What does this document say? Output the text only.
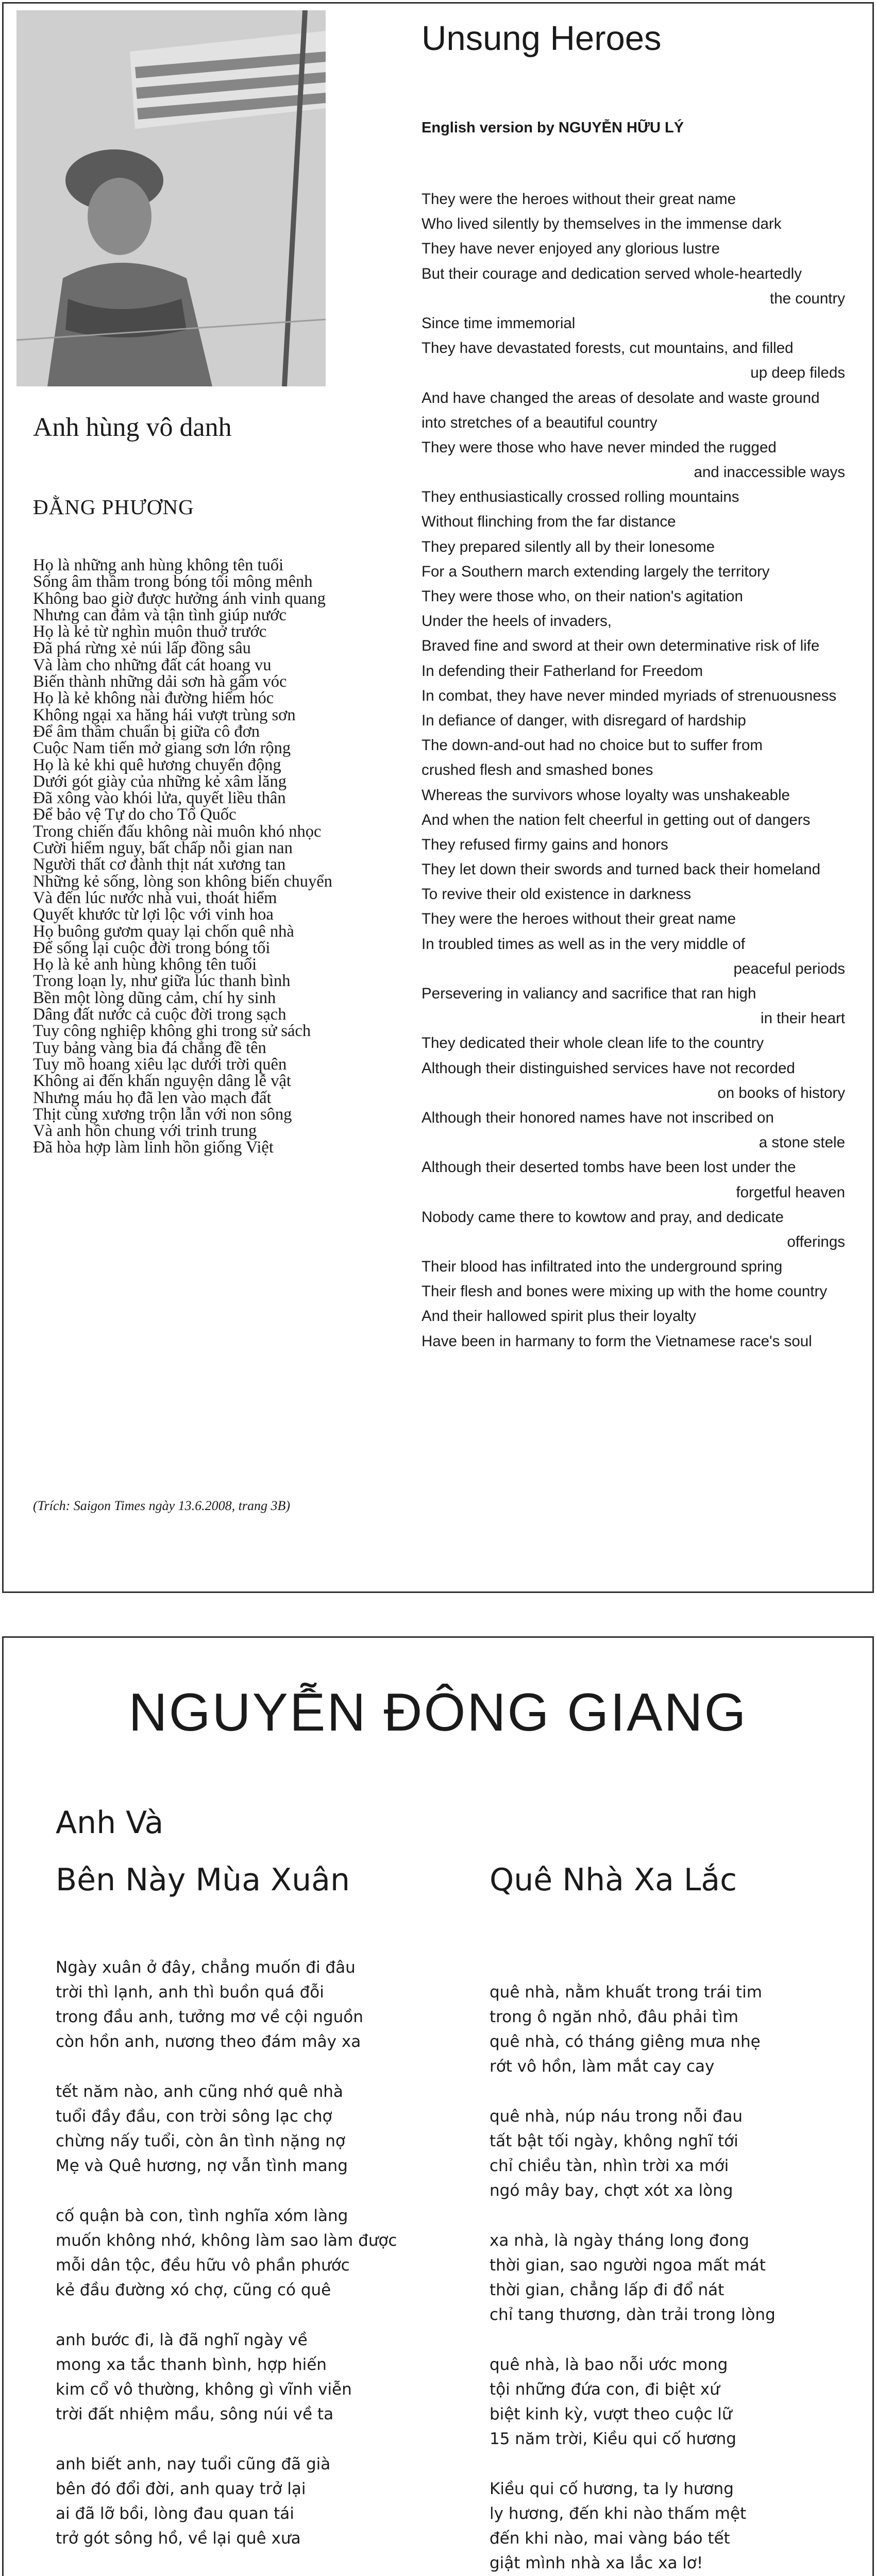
Anh hùng vô danh
ĐẰNG PHƯƠNG
Họ là những anh hùng không tên tuổi
Sống âm thầm trong bóng tối mông mênh
Không bao giờ được hưởng ánh vinh quang
Nhưng can đảm và tận tình giúp nước
Họ là kẻ từ nghìn muôn thuở trước
Đã phá rừng xẻ núi lấp đồng sâu
Và làm cho những đất cát hoang vu
Biến thành những dải sơn hà gấm vóc
Họ là kẻ không nài đường hiểm hóc
Không ngại xa hăng hái vượt trùng sơn
Để âm thầm chuẩn bị giữa cô đơn
Cuộc Nam tiến mở giang sơn lớn rộng
Họ là kẻ khi quê hương chuyển động
Dưới gót giày của những kẻ xâm lăng
Đã xông vào khói lửa, quyết liều thân
Để bảo vệ Tự do cho Tổ Quốc
Trong chiến đấu không nài muôn khó nhọc
Cười hiểm nguy, bất chấp nỗi gian nan
Người thất cơ đành thịt nát xương tan
Những kẻ sống, lòng son không biến chuyển
Và đến lúc nước nhà vui, thoát hiểm
Quyết khước từ lợi lộc với vinh hoa
Họ buông gươm quay lại chốn quê nhà
Để sống lại cuộc đời trong bóng tối
Họ là kẻ anh hùng không tên tuổi
Trong loạn ly, như giữa lúc thanh bình
Bền một lòng dũng cảm, chí hy sinh
Dâng đất nước cả cuộc đời trong sạch
Tuy công nghiệp không ghi trong sử sách
Tuy bảng vàng bia đá chẳng đề tên
Tuy mồ hoang xiêu lạc dưới trời quên
Không ai đến khấn nguyện dâng lễ vật
Nhưng máu họ đã len vào mạch đất
Thịt cùng xương trộn lẫn với non sông
Và anh hồn chung với trinh trung
Đã hòa hợp làm linh hồn giống Việt
(Trích: Saigon Times ngày 13.6.2008, trang 3B)
Unsung Heroes
English version by NGUYỄN HỮU LÝ
They were the heroes without their great name
Who lived silently by themselves in the immense dark
They have never enjoyed any glorious lustre
But their courage and dedication served whole-heartedly
the country
Since time immemorial
They have devastated forests, cut mountains, and filled
up deep fileds
And have changed the areas of desolate and waste ground
into stretches of a beautiful country
They were those who have never minded the rugged
and inaccessible ways
They enthusiastically crossed rolling mountains
Without flinching from the far distance
They prepared silently all by their lonesome
For a Southern march extending largely the territory
They were those who, on their nation's agitation
Under the heels of invaders,
Braved fine and sword at their own determinative risk of life
In defending their Fatherland for Freedom
In combat, they have never minded myriads of strenuousness
In defiance of danger, with disregard of hardship
The down-and-out had no choice but to suffer from
crushed flesh and smashed bones
Whereas the survivors whose loyalty was unshakeable
And when the nation felt cheerful in getting out of dangers
They refused firmy gains and honors
They let down their swords and turned back their homeland
To revive their old existence in darkness
They were the heroes without their great name
In troubled times as well as in the very middle of
peaceful periods
Persevering in valiancy and sacrifice that ran high
in their heart
They dedicated their whole clean life to the country
Although their distinguished services have not recorded
on books of history
Although their honored names have not inscribed on
a stone stele
Although their deserted tombs have been lost under the
forgetful heaven
Nobody came there to kowtow and pray, and dedicate
offerings
Their blood has infiltrated into the underground spring
Their flesh and bones were mixing up with the home country
And their hallowed spirit plus their loyalty
Have been in harmany to form the Vietnamese race's soul
NGUYỄN ĐÔNG GIANG
Anh Và
Bên Này Mùa Xuân	Quê Nhà Xa Lắc
Ngày xuân ở đây, chẳng muốn đi đâu
trời thì lạnh, anh thì buồn quá đỗi
trong đầu anh, tưởng mơ về cội nguồn
còn hồn anh, nương theo đám mây xa
tết năm nào, anh cũng nhớ quê nhà
tuổi đầy đầu, con trời sông lạc chợ
chừng nấy tuổi, còn ân tình nặng nợ
Mẹ và Quê hương, nợ vẫn tình mang
cố quận bà con, tình nghĩa xóm làng
muốn không nhớ, không làm sao làm được
mỗi dân tộc, đều hữu vô phần phước
kẻ đầu đường xó chợ, cũng có quê
anh bước đi, là đã nghĩ ngày về
mong xa tắc thanh bình, hợp hiến
kim cổ vô thường, không gì vĩnh viễn
trời đất nhiệm mầu, sông núi về ta
anh biết anh, nay tuổi cũng đã già
bên đó đổi đời, anh quay trở lại
ai đã lỡ bồi, lòng đau quan tái
trở gót sông hồ, về lại quê xưa
quê nhà, nằm khuất trong trái tim
trong ô ngăn nhỏ, đâu phải tìm
quê nhà, có tháng giêng mưa nhẹ
rớt vô hồn, làm mắt cay cay
quê nhà, núp náu trong nỗi đau
tất bật tối ngày, không nghĩ tới
chỉ chiều tàn, nhìn trời xa mới
ngó mây bay, chợt xót xa lòng
xa nhà, là ngày tháng long đong
thời gian, sao người ngoa mất mát
thời gian, chẳng lấp đi đổ nát
chỉ tang thương, dàn trải trong lòng
quê nhà, là bao nỗi ước mong
tội những đứa con, đi biệt xứ
biệt kinh kỳ, vượt theo cuộc lữ
15 năm trời, Kiều qui cố hương
Kiều qui cố hương, ta ly hương
ly hương, đến khi nào thấm mệt
đến khi nào, mai vàng báo tết
giật mình nhà xa lắc xa lơ!
